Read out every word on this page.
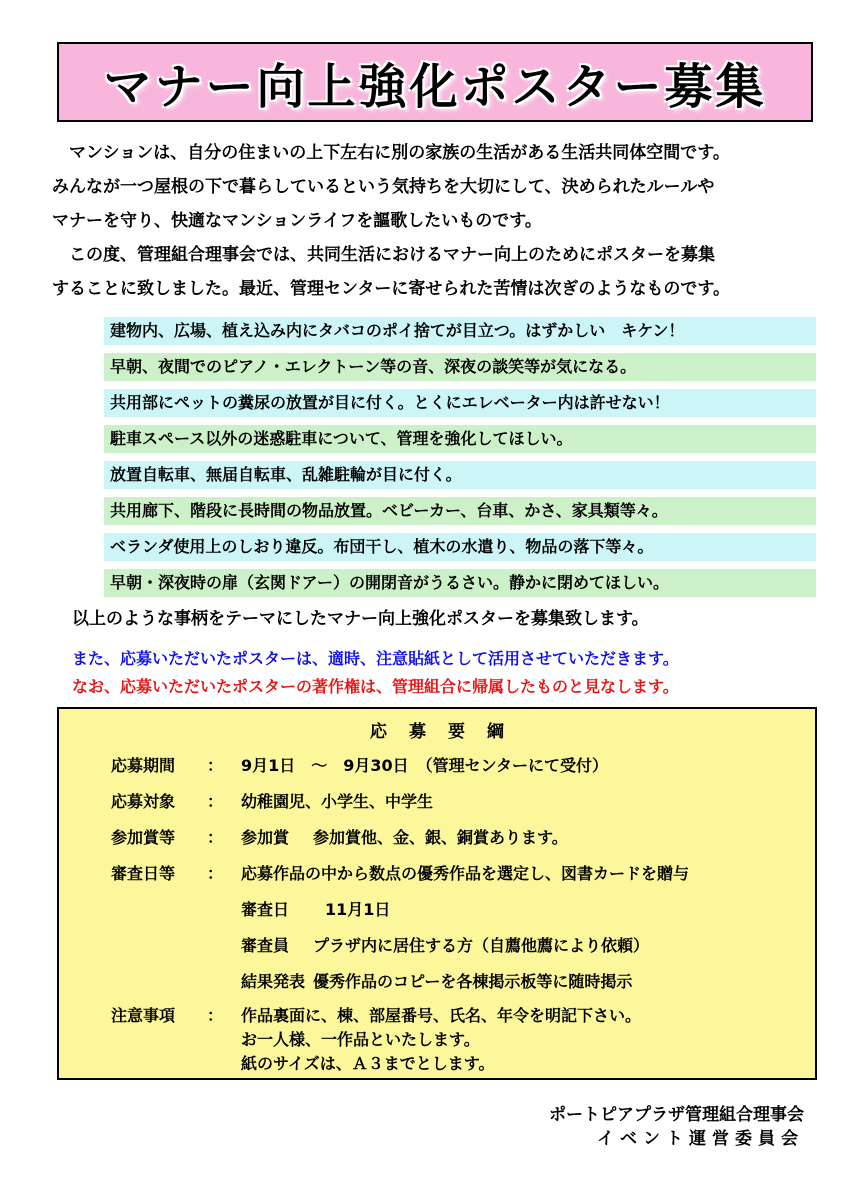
マナー向上強化ポスター募集

　マンションは、自分の住まいの上下左右に別の家族の生活がある生活共同体空間です。

みんなが一つ屋根の下で暮らしているという気持ちを大切にして、決められたルールや

マナーを守り、快適なマンションライフを謳歌したいものです。

　この度、管理組合理事会では、共同生活におけるマナー向上のためにポスターを募集

することに致しました。最近、管理センターに寄せられた苦情は次ぎのようなものです。

建物内、広場、植え込み内にタバコのポイ捨てが目立つ。はずかしい　キケン！
早朝、夜間でのピアノ・エレクトーン等の音、深夜の談笑等が気になる。
共用部にペットの糞尿の放置が目に付く。とくにエレベーター内は許せない！
駐車スペース以外の迷惑駐車について、管理を強化してほしい。
放置自転車、無届自転車、乱雑駐輪が目に付く。
共用廊下、階段に長時間の物品放置。ベビーカー、台車、かさ、家具類等々。
ベランダ使用上のしおり違反。布団干し、植木の水遣り、物品の落下等々。
早朝・深夜時の扉（玄関ドアー）の開閉音がうるさい。静かに閉めてほしい。
以上のような事柄をテーマにしたマナー向上強化ポスターを募集致します。
また、応募いただいたポスターは、適時、注意貼紙として活用させていただきます。
なお、応募いただいたポスターの著作権は、管理組合に帰属したものと見なします。
応募要綱
応募期間 ： 9月1日　～　9月30日　（管理センターにて受付）
応募対象 ： 幼稚園児、小学生、中学生
参加賞等 ： 参加賞 参加賞他、金、銀、銅賞あります。
審査日等 ： 応募作品の中から数点の優秀作品を選定し、図書カードを贈与
審査日 11月1日
審査員 プラザ内に居住する方（自薦他薦により依頼）
結果発表 優秀作品のコピーを各棟掲示板等に随時掲示
注意事項 ： 作品裏面に、棟、部屋番号、氏名、年令を明記下さい。
お一人様、一作品といたします。
紙のサイズは、Ａ３までとします。
ポートピアプラザ管理組合理事会
イベント運営委員会
